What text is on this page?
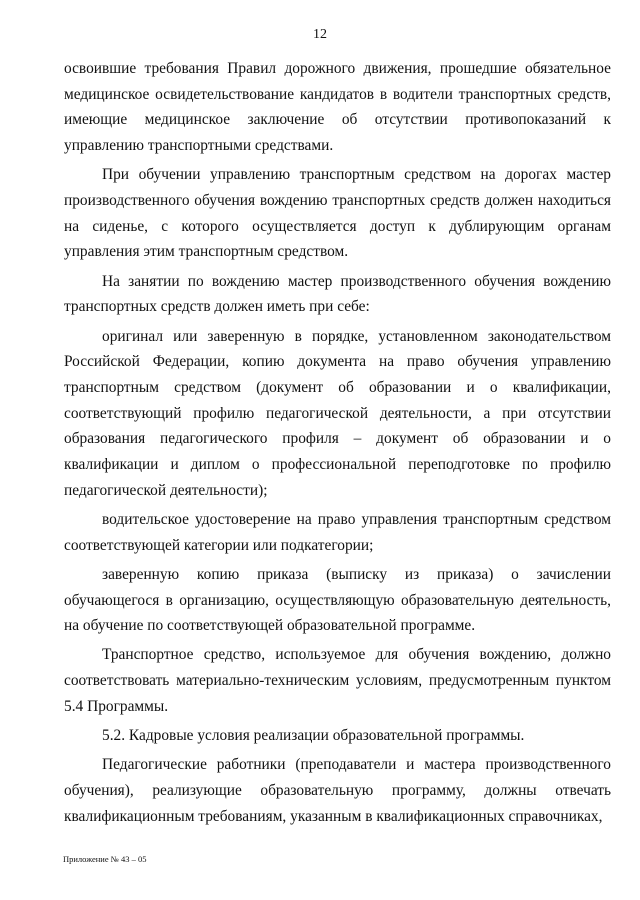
12

освоившие требования Правил дорожного движения, прошедшие обязательное медицинское освидетельствование кандидатов в водители транспортных средств, имеющие медицинское заключение об отсутствии противопоказаний к управлению транспортными средствами.

При обучении управлению транспортным средством на дорогах мастер производственного обучения вождению транспортных средств должен находиться на сиденье, с которого осуществляется доступ к дублирующим органам управления этим транспортным средством.

На занятии по вождению мастер производственного обучения вождению транспортных средств должен иметь при себе:

оригинал или заверенную в порядке, установленном законодательством Российской Федерации, копию документа на право обучения управлению транспортным средством (документ об образовании и о квалификации, соответствующий профилю педагогической деятельности, а при отсутствии образования педагогического профиля – документ об образовании и о квалификации и диплом о профессиональной переподготовке по профилю педагогической деятельности);

водительское удостоверение на право управления транспортным средством соответствующей категории или подкатегории;

заверенную копию приказа (выписку из приказа) о зачислении обучающегося в организацию, осуществляющую образовательную деятельность, на обучение по соответствующей образовательной программе.

Транспортное средство, используемое для обучения вождению, должно соответствовать материально-техническим условиям, предусмотренным пунктом 5.4 Программы.

5.2. Кадровые условия реализации образовательной программы.

Педагогические работники (преподаватели и мастера производственного обучения), реализующие образовательную программу, должны отвечать квалификационным требованиям, указанным в квалификационных справочниках,

Приложение № 43 – 05
